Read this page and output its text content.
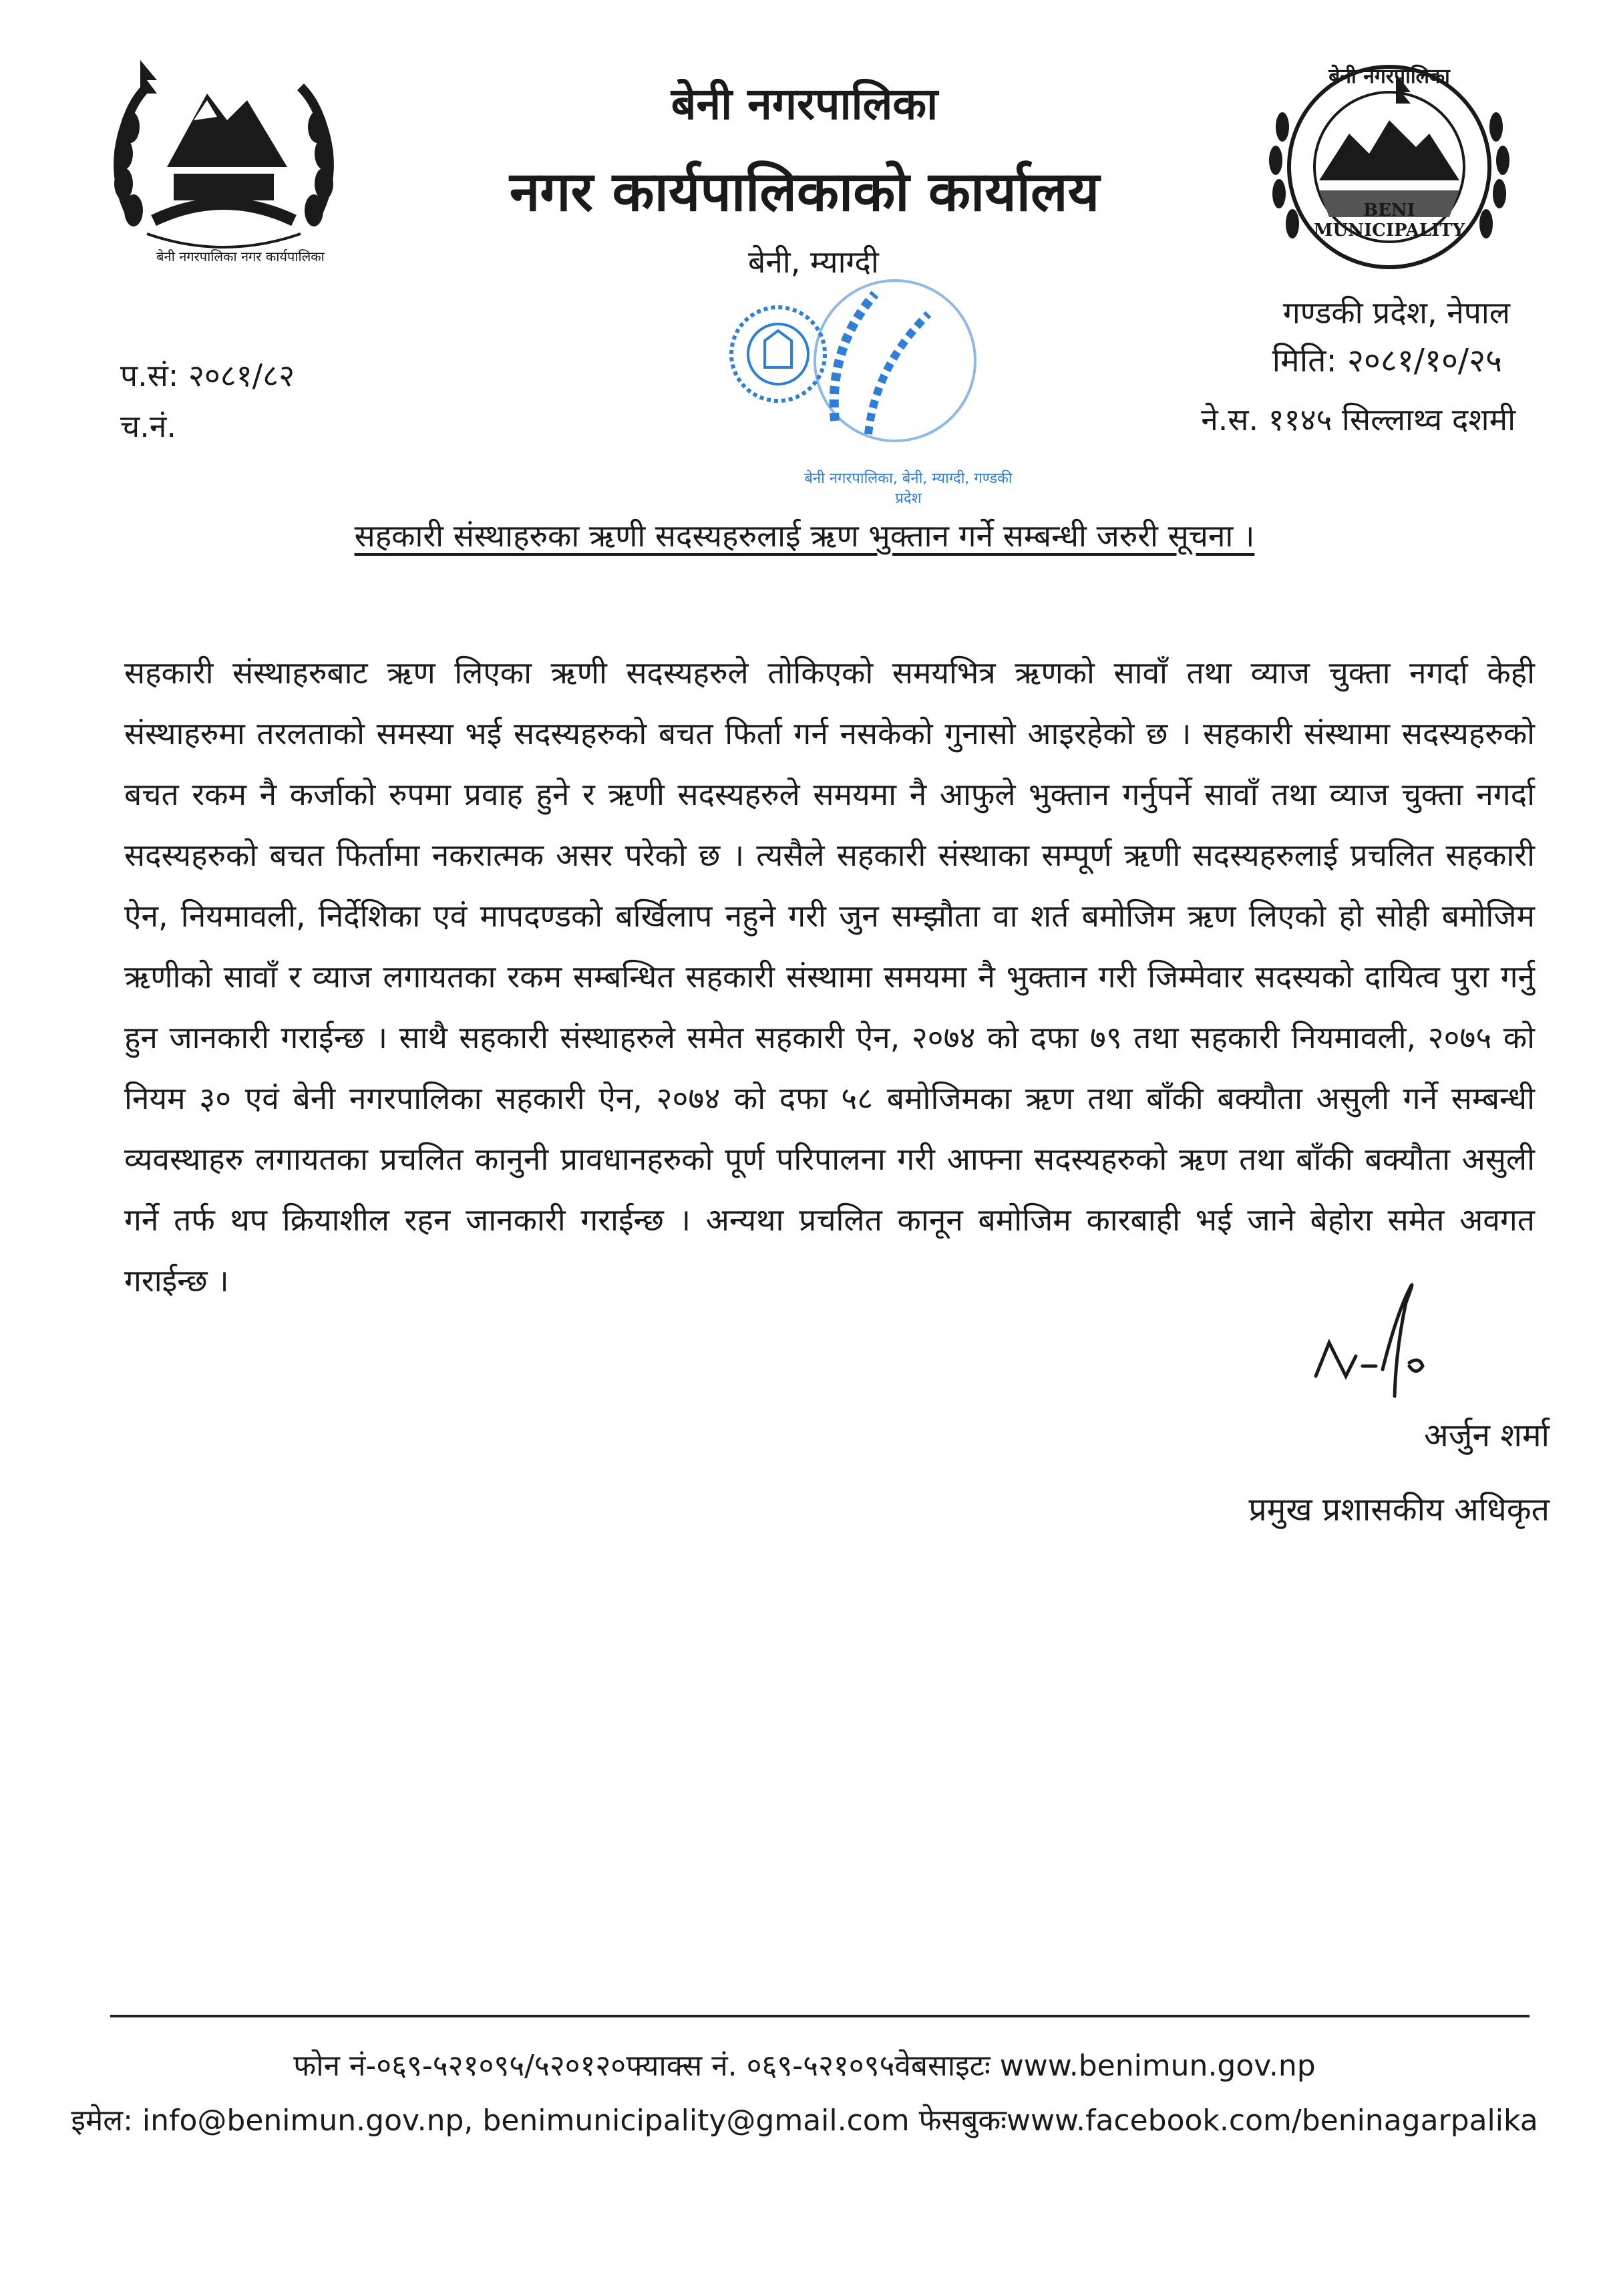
बेनी नगरपालिका नगर कार्यपालिका
बेनी नगरपालिका
BENI MUNICIPALITY
बेनी नगरपालिका
नगर कार्यपालिकाको कार्यालय
बेनी, म्याग्दी
बेनी नगरपालिका, बेनी, म्याग्दी, गण्डकी प्रदेश
गण्डकी प्रदेश, नेपाल
मिति: २०८१/१०/२५
ने.स. ११४५ सिल्लाथ्व दशमी
प.सं: २०८१/८२
च.नं.
सहकारी संस्थाहरुका ऋणी सदस्यहरुलाई ऋण भुक्तान गर्ने सम्बन्धी जरुरी सूचना ।
सहकारी संस्थाहरुबाट ऋण लिएका ऋणी सदस्यहरुले तोकिएको समयभित्र ऋणको सावाँ तथा व्याज चुक्ता नगर्दा केही संस्थाहरुमा तरलताको समस्या भई सदस्यहरुको बचत फिर्ता गर्न नसकेको गुनासो आइरहेको छ । सहकारी संस्थामा सदस्यहरुको बचत रकम नै कर्जाको रुपमा प्रवाह हुने र ऋणी सदस्यहरुले समयमा नै आफुले भुक्तान गर्नुपर्ने सावाँ तथा व्याज चुक्ता नगर्दा सदस्यहरुको बचत फिर्तामा नकरात्मक असर परेको छ । त्यसैले सहकारी संस्थाका सम्पूर्ण ऋणी सदस्यहरुलाई प्रचलित सहकारी ऐन, नियमावली, निर्देशिका एवं मापदण्डको बर्खिलाप नहुने गरी जुन सम्झौता वा शर्त बमोजिम ऋण लिएको हो सोही बमोजिम ऋणीको सावाँ र व्याज लगायतका रकम सम्बन्धित सहकारी संस्थामा समयमा नै भुक्तान गरी जिम्मेवार सदस्यको दायित्व पुरा गर्नु हुन जानकारी गराईन्छ । साथै सहकारी संस्थाहरुले समेत सहकारी ऐन, २०७४ को दफा ७९ तथा सहकारी नियमावली, २०७५ को नियम ३० एवं बेनी नगरपालिका सहकारी ऐन, २०७४ को दफा ५८ बमोजिमका ऋण तथा बाँकी बक्यौता असुली गर्ने सम्बन्धी व्यवस्थाहरु लगायतका प्रचलित कानुनी प्रावधानहरुको पूर्ण परिपालना गरी आफ्ना सदस्यहरुको ऋण तथा बाँकी बक्यौता असुली गर्ने तर्फ थप क्रियाशील रहन जानकारी गराईन्छ । अन्यथा प्रचलित कानून बमोजिम कारबाही भई जाने बेहोरा समेत अवगत गराईन्छ ।
अर्जुन शर्मा
प्रमुख प्रशासकीय अधिकृत
फोन नं-०६९-५२१०९५/५२०१२०फ्याक्स नं. ०६९-५२१०९५वेबसाइटः www.benimun.gov.np
इमेल: info@benimun.gov.np, benimunicipality@gmail.com फेसबुकःwww.facebook.com/beninagarpalika
